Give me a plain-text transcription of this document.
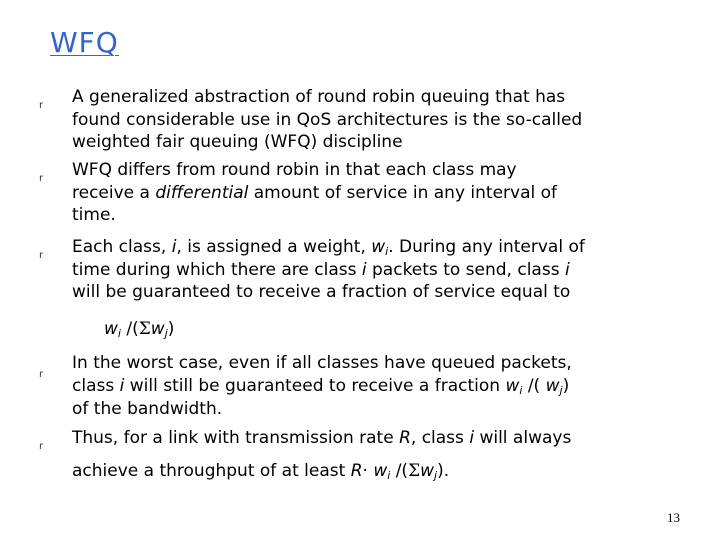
WFQ
r A generalized abstraction of round robin queuing that has
found considerable use in QoS architectures is the so-called
weighted fair queuing (WFQ) discipline
r WFQ differs from round robin in that each class may
receive a differential amount of service in any interval of
time.
r Each class, i, is assigned a weight, $w_i$. During any interval of
time during which there are class i packets to send, class i
will be guaranteed to receive a fraction of service equal to
$w_i$ $/(\Sigma w_j)$
r
In the worst case, even if all classes have queued packets,
class i will still be guaranteed to receive a fraction $w_i$ /( $w_j$)
of the bandwidth.
r Thus, for a link with transmission rate R, class i will always
achieve a throughput of at least $R\cdot w_i$ $/(\Sigma w_j)$.
13
